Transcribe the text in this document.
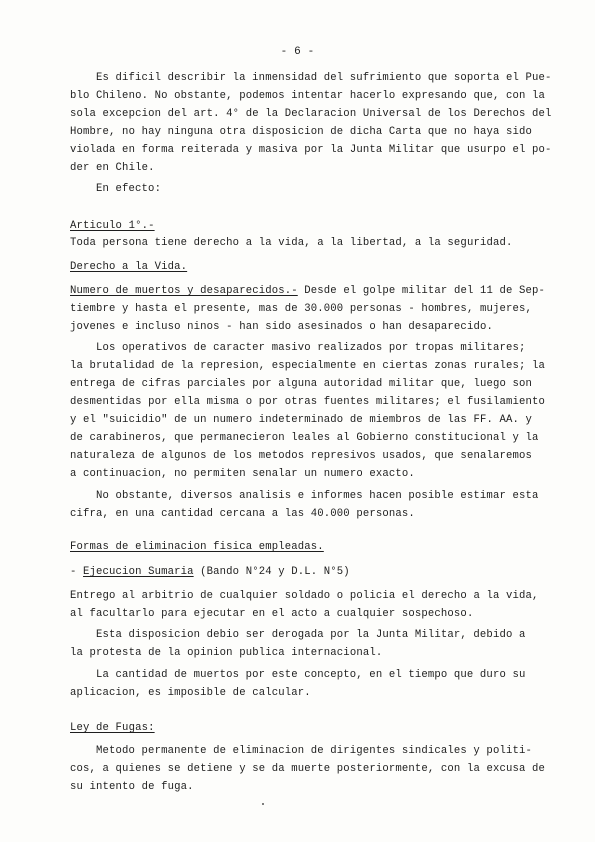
- 6 -
Es dificil describir la inmensidad del sufrimiento que soporta el Pue-
blo Chileno. No obstante, podemos intentar hacerlo expresando que, con la
sola excepcion del art. 4° de la Declaracion Universal de los Derechos del
Hombre, no hay ninguna otra disposicion de dicha Carta que no haya sido
violada en forma reiterada y masiva por la Junta Militar que usurpo el po-
der en Chile.
En efecto:
Articulo 1°.-
Toda persona tiene derecho a la vida, a la libertad, a la seguridad.
Derecho a la Vida.
Numero de muertos y desaparecidos.- Desde el golpe militar del 11 de Sep-
tiembre y hasta el presente, mas de 30.000 personas - hombres, mujeres,
jovenes e incluso ninos - han sido asesinados o han desaparecido.
Los operativos de caracter masivo realizados por tropas militares;
la brutalidad de la represion, especialmente en ciertas zonas rurales; la
entrega de cifras parciales por alguna autoridad militar que, luego son
desmentidas por ella misma o por otras fuentes militares; el fusilamiento
y el "suicidio" de un numero indeterminado de miembros de las FF. AA. y
de carabineros, que permanecieron leales al Gobierno constitucional y la
naturaleza de algunos de los metodos represivos usados, que senalaremos
a continuacion, no permiten senalar un numero exacto.
No obstante, diversos analisis e informes hacen posible estimar esta
cifra, en una cantidad cercana a las 40.000 personas.
Formas de eliminacion fisica empleadas.
- Ejecucion Sumaria (Bando N°24 y D.L. N°5)
Entrego al arbitrio de cualquier soldado o policia el derecho a la vida,
al facultarlo para ejecutar en el acto a cualquier sospechoso.
Esta disposicion debio ser derogada por la Junta Militar, debido a
la protesta de la opinion publica internacional.
La cantidad de muertos por este concepto, en el tiempo que duro su
aplicacion, es imposible de calcular.
Ley de Fugas:
Metodo permanente de eliminacion de dirigentes sindicales y politi-
cos, a quienes se detiene y se da muerte posteriormente, con la excusa de
su intento de fuga.
